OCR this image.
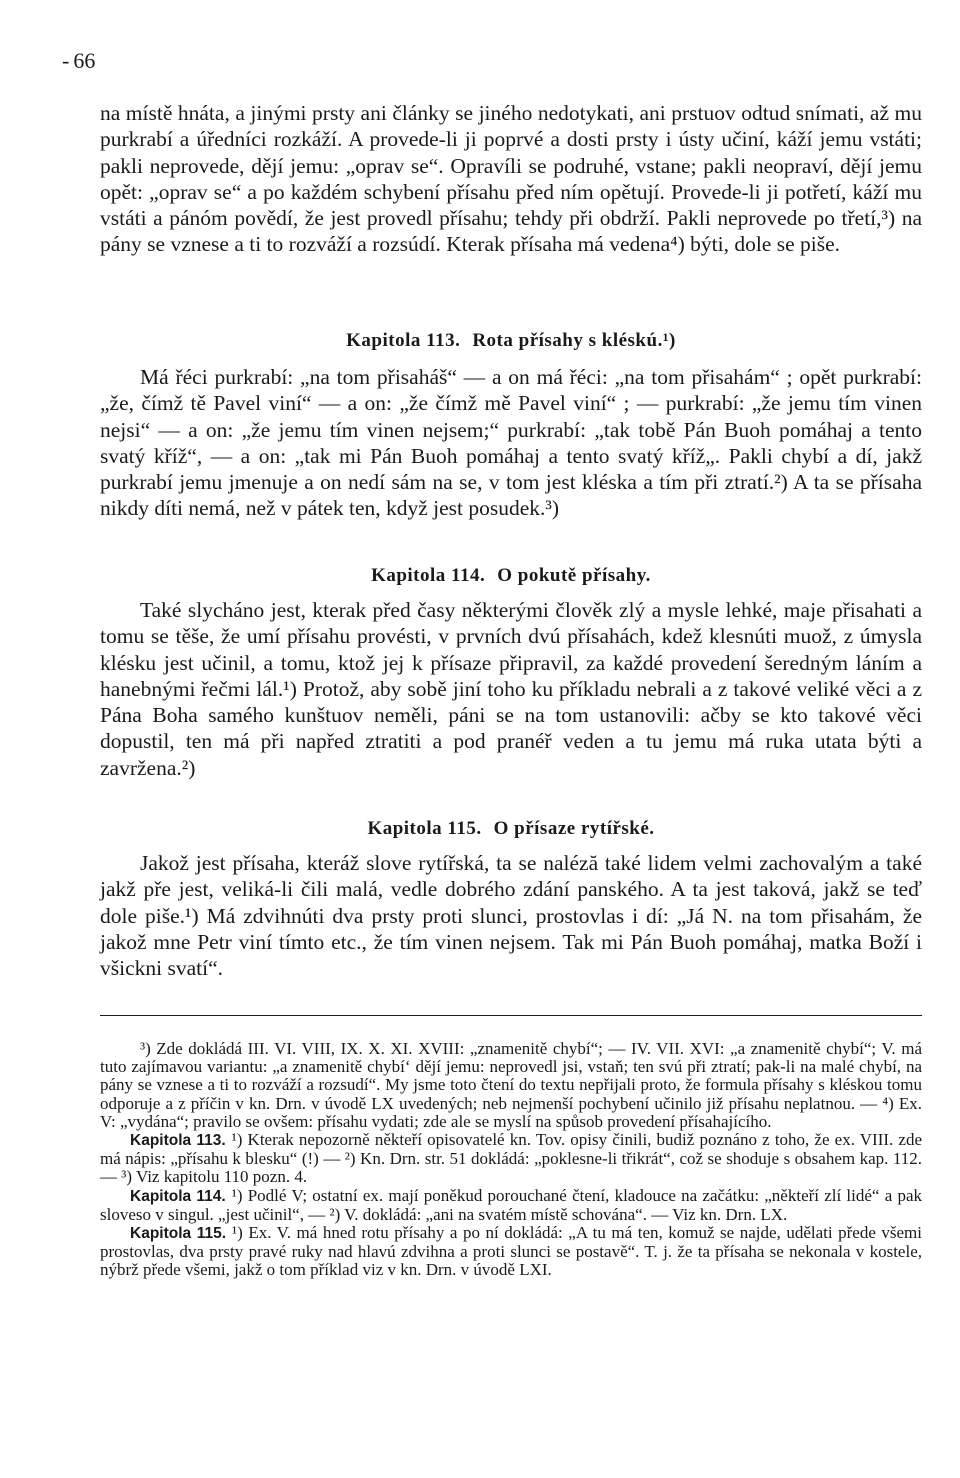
- 66

na místě hnáta, a jinými prsty ani články se jiného nedotykati, ani prstuov odtud snímati, až mu purkrabí a úředníci rozkáží. A provede-li ji poprvé a dosti prsty i ústy učiní, káží jemu vstáti; pakli neprovede, dějí jemu: „oprav se“. Opravíli se podruhé, vstane; pakli neopraví, dějí jemu opět: „oprav se“ a po každém schybení přísahu před ním opětují. Provede-li ji potřetí, káží mu vstáti a pánóm povědí, že jest provedl přísahu; tehdy při obdrží. Pakli neprovede po třetí,³) na pány se vznese a ti to rozváží a rozsúdí. Kterak přísaha má vedena⁴) býti, dole se piše.

Kapitola 113. Rota přísahy s kléskú.¹)

Má řéci purkrabí: „na tom přisaháš“ — a on má řéci: „na tom přisahám“ ; opět purkrabí: „že, čímž tě Pavel viní“ — a on: „že čímž mě Pavel viní“ ; — purkrabí: „že jemu tím vinen nejsi“ — a on: „že jemu tím vinen nejsem;“ purkrabí: „tak tobě Pán Buoh pomáhaj a tento svatý kříž“, — a on: „tak mi Pán Buoh pomáhaj a tento svatý kříž„. Pakli chybí a dí, jakž purkrabí jemu jmenuje a on nedí sám na se, v tom jest kléska a tím při ztratí.²) A ta se přísaha nikdy díti nemá, než v pátek ten, když jest posudek.³)

Kapitola 114. O pokutě přísahy.

Také slycháno jest, kterak před časy některými člověk zlý a mysle lehké, maje přisahati a tomu se těše, že umí přísahu provésti, v prvních dvú přísahách, kdež klesnúti muož, z úmysla klésku jest učinil, a tomu, ktož jej k přísaze připravil, za každé provedení šeredným láním a hanebnými řečmi lál.¹) Protož, aby sobě jiní toho ku příkladu nebrali a z takové veliké věci a z Pána Boha samého kunštuov neměli, páni se na tom ustanovili: ačby se kto takové věci dopustil, ten má při napřed ztratiti a pod pranéř veden a tu jemu má ruka utata býti a zavržena.²)

Kapitola 115. O přísaze rytířské.

Jakož jest přísaha, kteráž slove rytířská, ta se naléză také lidem velmi zachovalým a také jakž pře jest, veliká-li čili malá, vedle dobrého zdání panského. A ta jest taková, jakž se teď dole piše.¹) Má zdvihnúti dva prsty proti slunci, prostovlas i dí: „Já N. na tom přisahám, že jakož mne Petr viní tímto etc., že tím vinen nejsem. Tak mi Pán Buoh pomáhaj, matka Boží i všickni svatí“.

³) Zde dokládá III. VI. VIII, IX. X. XI. XVIII: „znamenitě chybí“; — IV. VII. XVI: „a znamenitě chybí“; V. má tuto zajímavou variantu: „a znamenitě chybí‘ dějí jemu: neprovedl jsi, vstaň; ten svú při ztratí; pak-li na malé chybí, na pány se vznese a ti to rozváží a rozsudí“. My jsme toto čtení do textu nepřijali proto, že formula přísahy s kléskou tomu odporuje a z příčin v kn. Drn. v úvodě LX uvedených; neb nejmenší pochybení učinilo již přísahu neplatnou. — ⁴) Ex. V: „vydána“; pravilo se ovšem: přísahu vydati; zde ale se myslí na spůsob provedení přísahajícího.

Kapitola 113. ¹) Kterak nepozorně někteří opisovatelé kn. Tov. opisy činili, budiž poznáno z toho, že ex. VIII. zde má nápis: „přísahu k blesku“ (!) — ²) Kn. Drn. str. 51 dokládá: „poklesne-li třikrát“, což se shoduje s obsahem kap. 112. — ³) Viz kapitolu 110 pozn. 4.

Kapitola 114. ¹) Podlé V; ostatní ex. mají poněkud porouchané čtení, kladouce na začátku: „někteří zlí lidé“ a pak sloveso v singul. „jest učinil“, — ²) V. dokládá: „ani na svatém místě schována“. — Viz kn. Drn. LX.

Kapitola 115. ¹) Ex. V. má hned rotu přísahy a po ní dokládá: „A tu má ten, komuž se najde, udělati přede všemi prostovlas, dva prsty pravé ruky nad hlavú zdvihna a proti slunci se postavě“. T. j. že ta přísaha se nekonala v kostele, nýbrž přede všemi, jakž o tom příklad viz v kn. Drn. v úvodě LXI.
